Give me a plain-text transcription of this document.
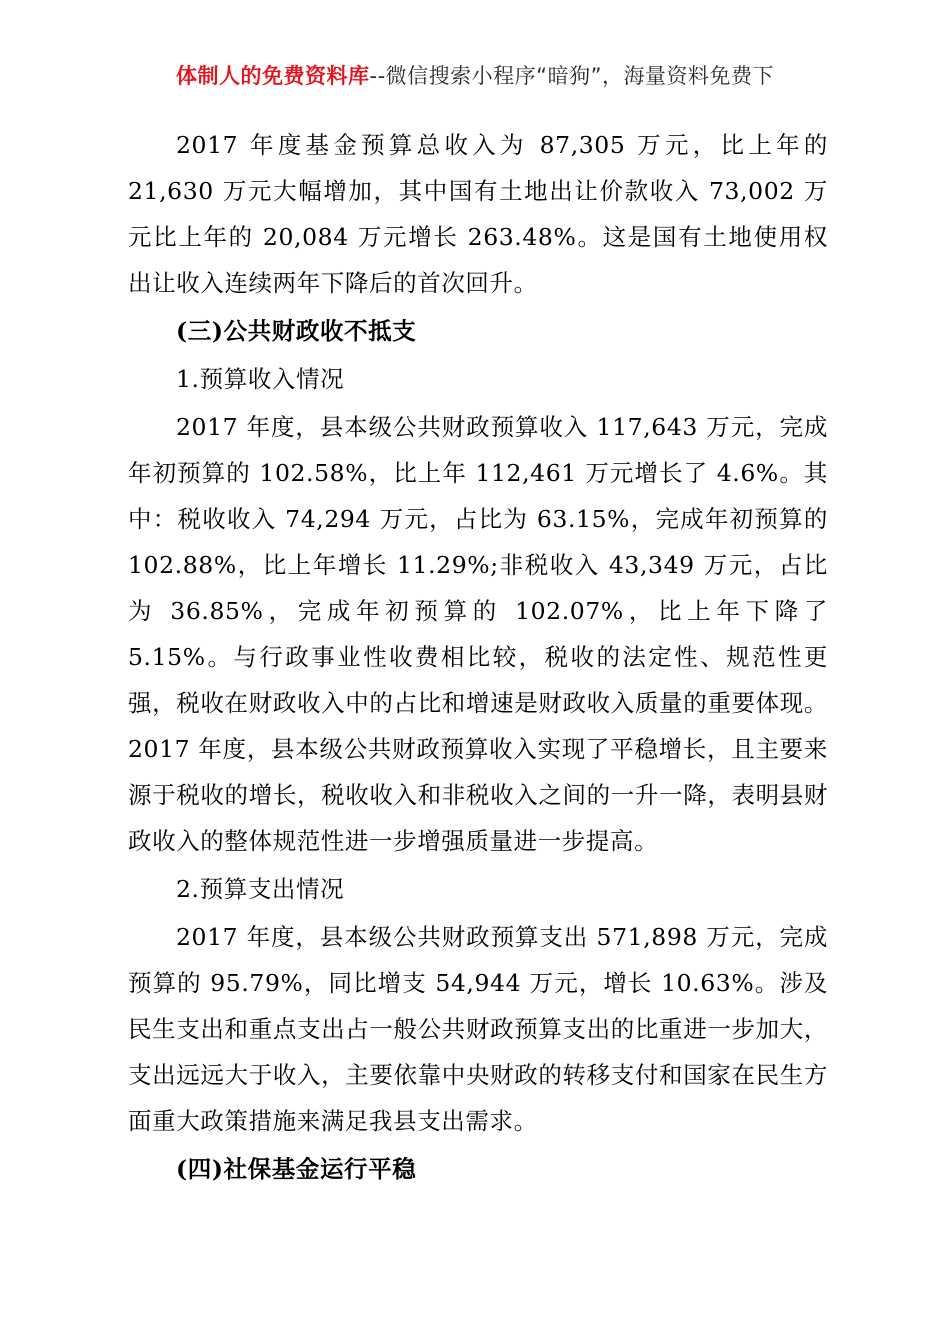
体制人的免费资料库--微信搜索小程序“暗狗”，海量资料免费下

2017 年度基金预算总收入为 87,305 万元，比上年的 21,630 万元大幅增加，其中国有土地出让价款收入 73,002 万元比上年的 20,084 万元增长 263.48%。这是国有土地使用权出让收入连续两年下降后的首次回升。

(三)公共财政收不抵支

1.预算收入情况

2017 年度，县本级公共财政预算收入 117,643 万元，完成年初预算的 102.58%，比上年 112,461 万元增长了 4.6%。其中：税收收入 74,294 万元，占比为 63.15%，完成年初预算的 102.88%，比上年增长 11.29%;非税收入 43,349 万元，占比为 36.85%，完成年初预算的 102.07%，比上年下降了 5.15%。与行政事业性收费相比较，税收的法定性、规范性更强，税收在财政收入中的占比和增速是财政收入质量的重要体现。2017 年度，县本级公共财政预算收入实现了平稳增长，且主要来源于税收的增长，税收收入和非税收入之间的一升一降，表明县财政收入的整体规范性进一步增强质量进一步提高。

2.预算支出情况

2017 年度，县本级公共财政预算支出 571,898 万元，完成预算的 95.79%，同比增支 54,944 万元，增长 10.63%。涉及民生支出和重点支出占一般公共财政预算支出的比重进一步加大，支出远远大于收入，主要依靠中央财政的转移支付和国家在民生方面重大政策措施来满足我县支出需求。

(四)社保基金运行平稳
